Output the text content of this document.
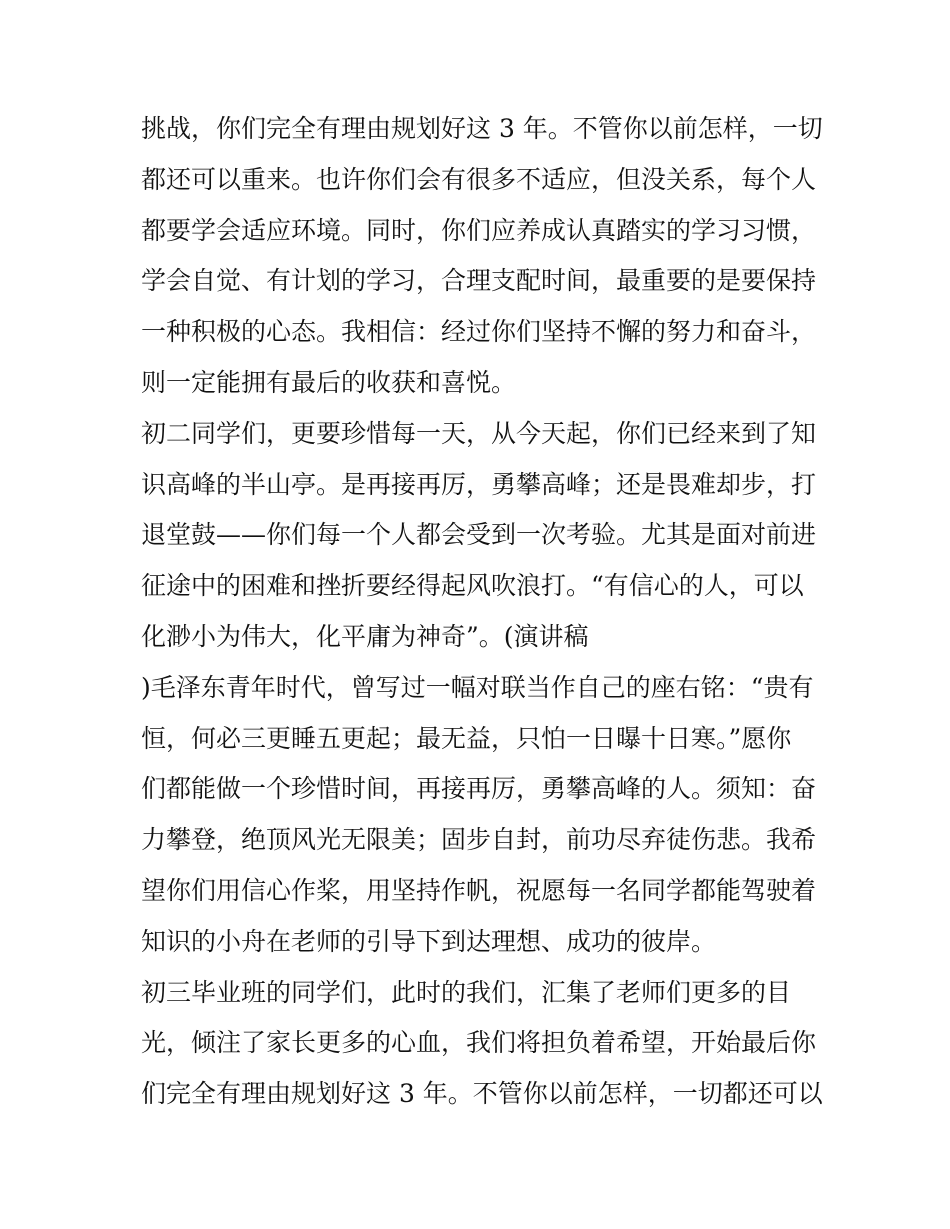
挑战，你们完全有理由规划好这 3 年。不管你以前怎样，一切
都还可以重来。也许你们会有很多不适应，但没关系，每个人
都要学会适应环境。同时，你们应养成认真踏实的学习习惯，
学会自觉、有计划的学习，合理支配时间，最重要的是要保持
一种积极的心态。我相信：经过你们坚持不懈的努力和奋斗，
则一定能拥有最后的收获和喜悦。
初二同学们，更要珍惜每一天，从今天起，你们已经来到了知
识高峰的半山亭。是再接再厉，勇攀高峰；还是畏难却步，打
退堂鼓——你们每一个人都会受到一次考验。尤其是面对前进
征途中的困难和挫折要经得起风吹浪打。“有信心的人，可以
化渺小为伟大，化平庸为神奇”。(演讲稿
)毛泽东青年时代，曾写过一幅对联当作自己的座右铭：“贵有
恒，何必三更睡五更起；最无益，只怕一日曝十日寒。”愿你
们都能做一个珍惜时间，再接再厉，勇攀高峰的人。须知：奋
力攀登，绝顶风光无限美；固步自封，前功尽弃徒伤悲。我希
望你们用信心作桨，用坚持作帆，祝愿每一名同学都能驾驶着
知识的小舟在老师的引导下到达理想、成功的彼岸。
初三毕业班的同学们，此时的我们，汇集了老师们更多的目
光，倾注了家长更多的心血，我们将担负着希望，开始最后你
们完全有理由规划好这 3 年。不管你以前怎样，一切都还可以
